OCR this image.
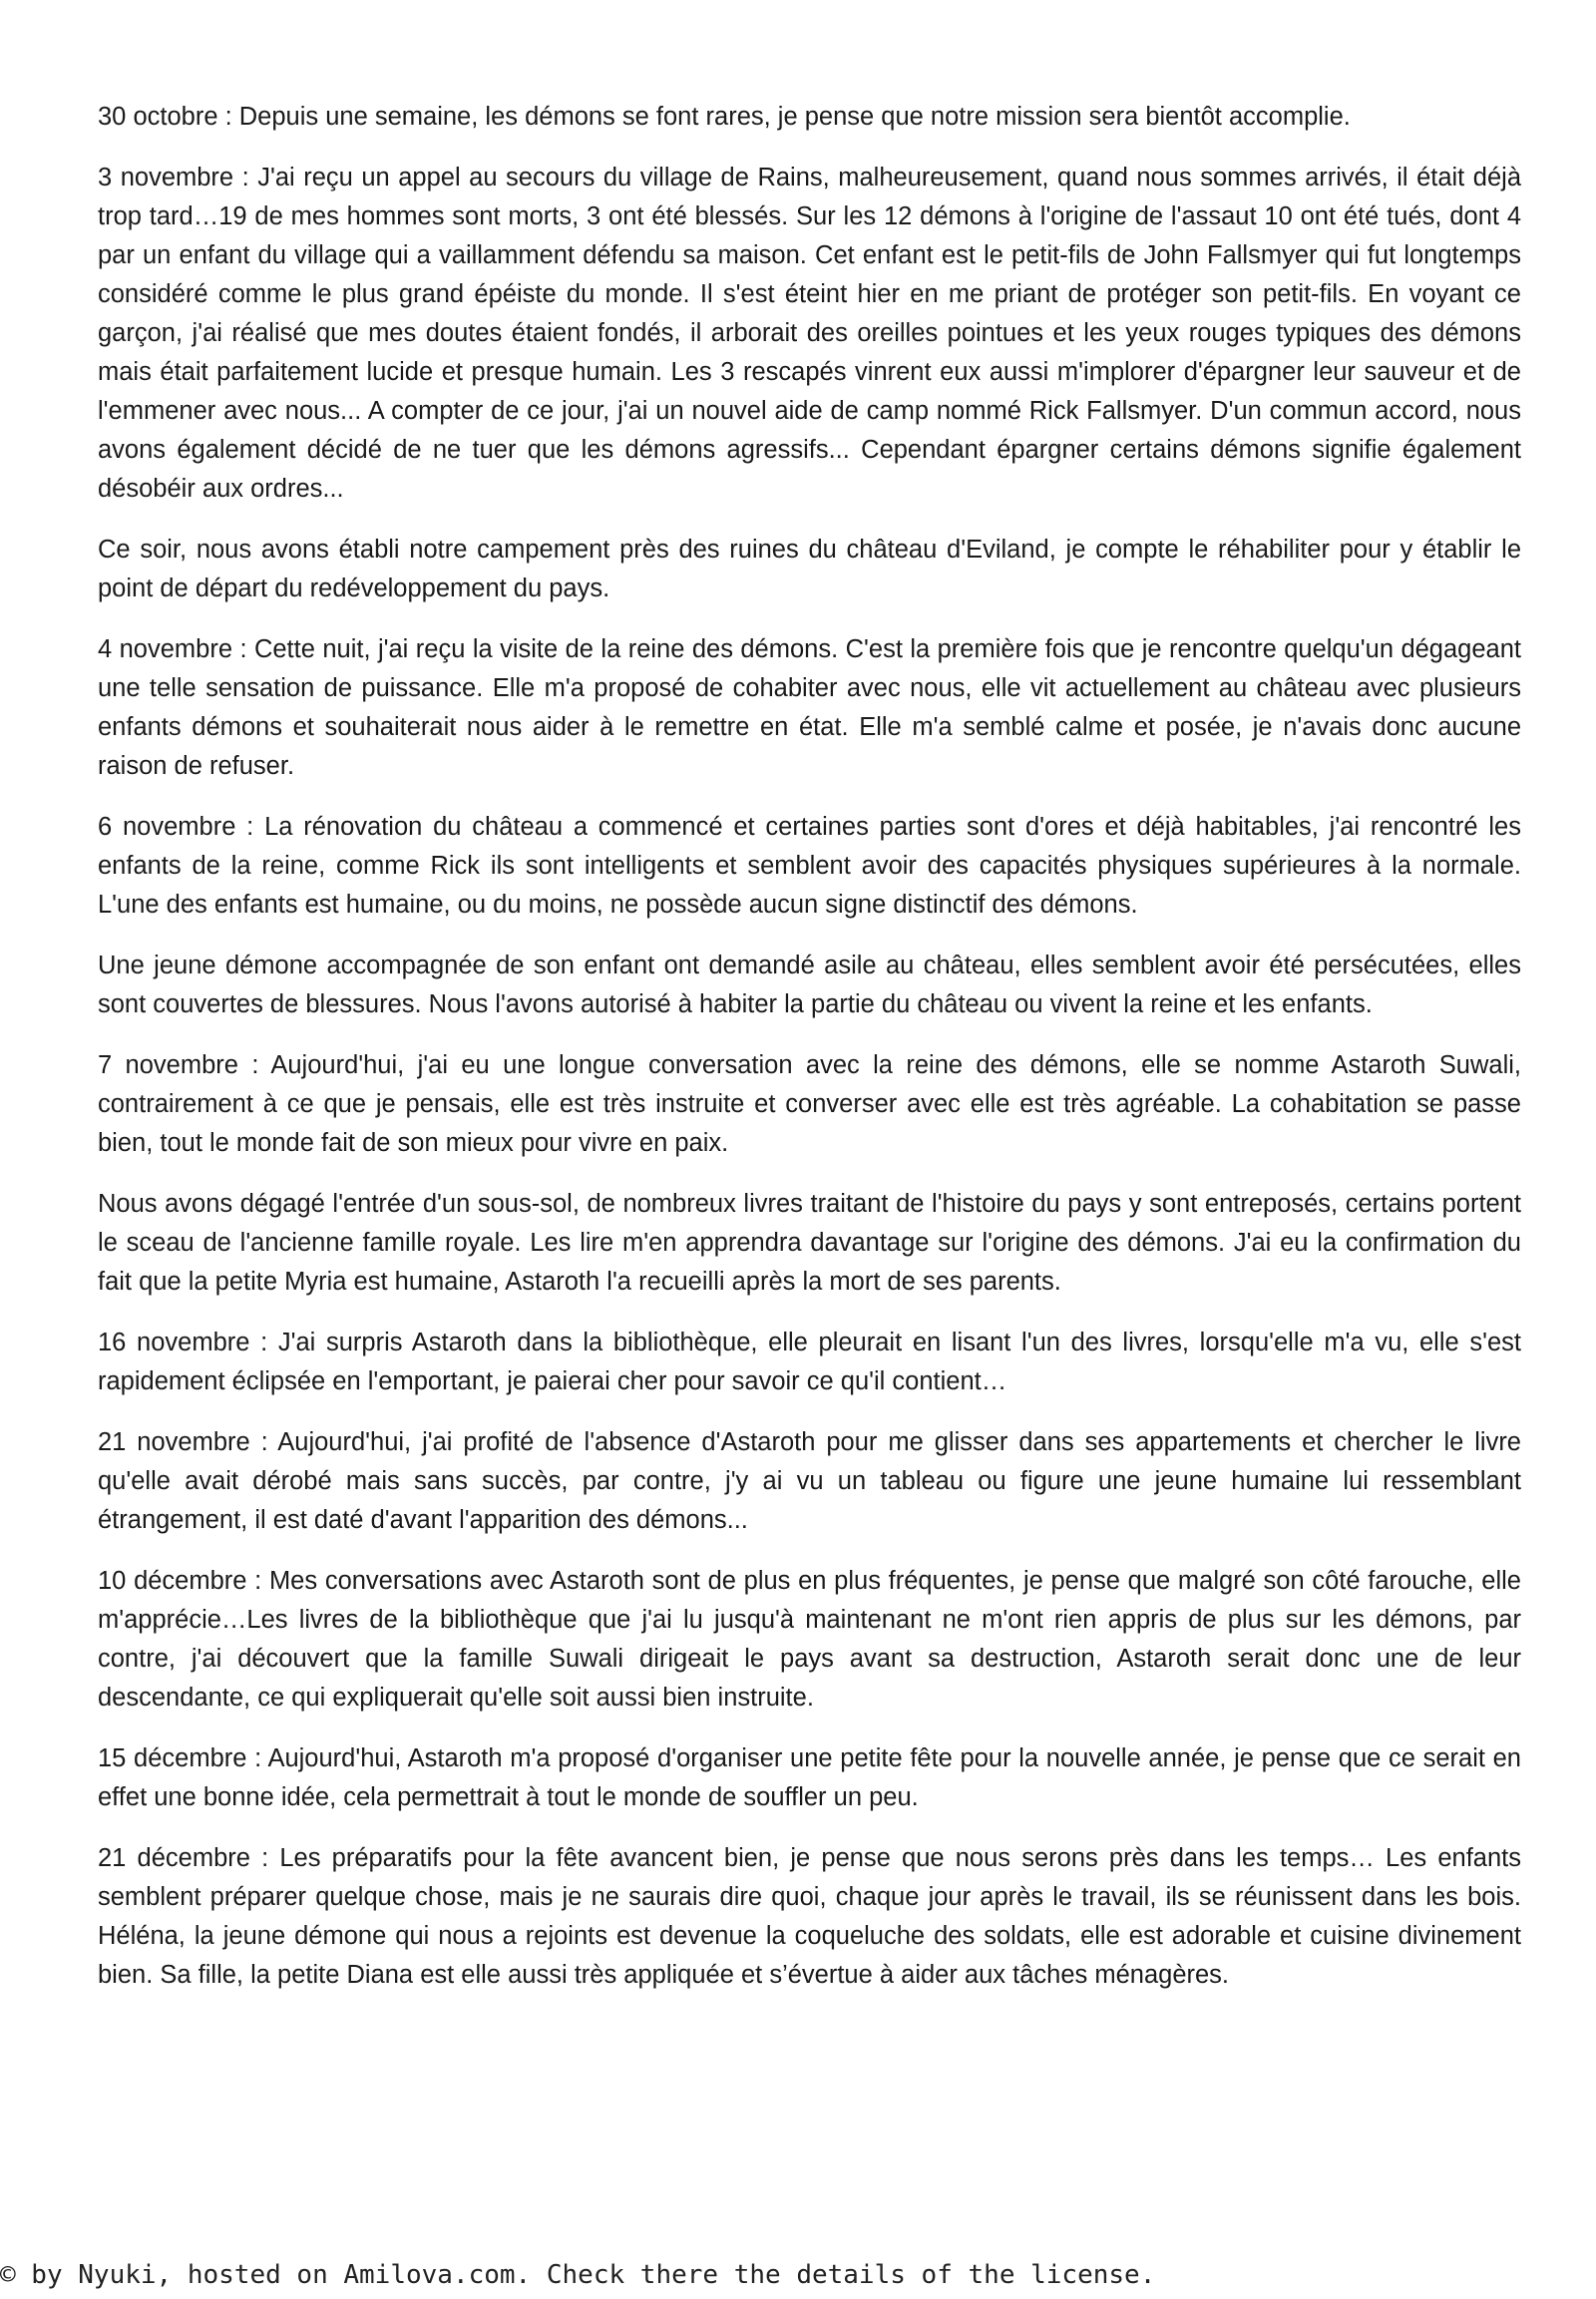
30 octobre : Depuis une semaine, les démons se font rares, je pense que notre mission sera bientôt accomplie.

3 novembre : J'ai reçu un appel au secours du village de Rains, malheureusement, quand nous sommes arrivés, il était déjà trop tard…19 de mes hommes sont morts, 3 ont été blessés. Sur les 12 démons à l'origine de l'assaut 10 ont été tués, dont 4 par un enfant du village qui a vaillamment défendu sa maison. Cet enfant est le petit-fils de John Fallsmyer qui fut longtemps considéré comme le plus grand épéiste du monde. Il s'est éteint hier en me priant de protéger son petit-fils. En voyant ce garçon, j'ai réalisé que mes doutes étaient fondés, il arborait des oreilles pointues et les yeux rouges typiques des démons mais était parfaitement lucide et presque humain. Les 3 rescapés vinrent eux aussi m'implorer d'épargner leur sauveur et de l'emmener avec nous... A compter de ce jour, j'ai un nouvel aide de camp nommé Rick Fallsmyer. D'un commun accord, nous avons également décidé de ne tuer que les démons agressifs... Cependant épargner certains démons signifie également désobéir aux ordres...

Ce soir, nous avons établi notre campement près des ruines du château d'Eviland, je compte le réhabiliter pour y établir le point de départ du redéveloppement du pays.

4 novembre : Cette nuit, j'ai reçu la visite de la reine des démons. C'est la première fois que je rencontre quelqu'un dégageant une telle sensation de puissance. Elle m'a proposé de cohabiter avec nous, elle vit actuellement au château avec plusieurs enfants démons et souhaiterait nous aider à le remettre en état. Elle m'a semblé calme et posée, je n'avais donc aucune raison de refuser.

6 novembre : La rénovation du château a commencé et certaines parties sont d'ores et déjà habitables, j'ai rencontré les enfants de la reine, comme Rick ils sont intelligents et semblent avoir des capacités physiques supérieures à la normale. L'une des enfants est humaine, ou du moins, ne possède aucun signe distinctif des démons.

Une jeune démone accompagnée de son enfant ont demandé asile au château, elles semblent avoir été persécutées, elles sont couvertes de blessures. Nous l'avons autorisé à habiter la partie du château ou vivent la reine et les enfants.

7 novembre : Aujourd'hui, j'ai eu une longue conversation avec la reine des démons, elle se nomme Astaroth Suwali, contrairement à ce que je pensais, elle est très instruite et converser avec elle est très agréable. La cohabitation se passe bien, tout le monde fait de son mieux pour vivre en paix.

Nous avons dégagé l'entrée d'un sous-sol, de nombreux livres traitant de l'histoire du pays y sont entreposés, certains portent le sceau de l'ancienne famille royale. Les lire m'en apprendra davantage sur l'origine des démons. J'ai eu la confirmation du fait que la petite Myria est humaine, Astaroth l'a recueilli après la mort de ses parents.

16 novembre : J'ai surpris Astaroth dans la bibliothèque, elle pleurait en lisant l'un des livres, lorsqu'elle m'a vu, elle s'est rapidement éclipsée en l'emportant, je paierai cher pour savoir ce qu'il contient…

21 novembre : Aujourd'hui, j'ai profité de l'absence d'Astaroth pour me glisser dans ses appartements et chercher le livre qu'elle avait dérobé mais sans succès, par contre, j'y ai vu un tableau ou figure une jeune humaine lui ressemblant étrangement, il est daté d'avant l'apparition des démons...

10 décembre : Mes conversations avec Astaroth sont de plus en plus fréquentes, je pense que malgré son côté farouche, elle m'apprécie…Les livres de la bibliothèque que j'ai lu jusqu'à maintenant ne m'ont rien appris de plus sur les démons, par contre, j'ai découvert que la famille Suwali dirigeait le pays avant sa destruction, Astaroth serait donc une de leur descendante, ce qui expliquerait qu'elle soit aussi bien instruite.

15 décembre : Aujourd'hui, Astaroth m'a proposé d'organiser une petite fête pour la nouvelle année, je pense que ce serait en effet une bonne idée, cela permettrait à tout le monde de souffler un peu.

21 décembre : Les préparatifs pour la fête avancent bien, je pense que nous serons près dans les temps… Les enfants semblent préparer quelque chose, mais je ne saurais dire quoi, chaque jour après le travail, ils se réunissent dans les bois. Héléna, la jeune démone qui nous a rejoints est devenue la coqueluche des soldats, elle est adorable et cuisine divinement bien. Sa fille, la petite Diana est elle aussi très appliquée et s’évertue à aider aux tâches ménagères.

© by Nyuki, hosted on Amilova.com. Check there the details of the license.
